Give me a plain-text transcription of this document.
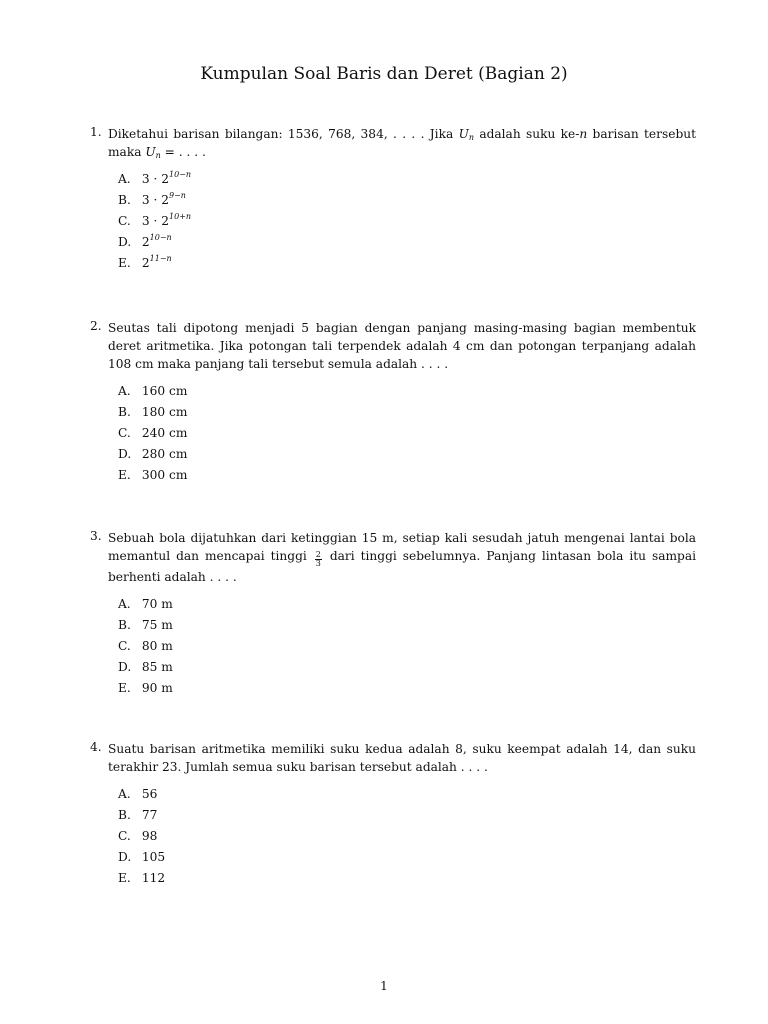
Kumpulan Soal Baris dan Deret (Bagian 2)
1. Diketahui barisan bilangan: 1536, 768, 384, . . . . Jika $U_n$ adalah suku ke-n barisan tersebut maka $U_n$ = . . . .
A. $3 \cdot 2^{10-n}$
B. $3 \cdot 2^{9-n}$
C. $3 \cdot 2^{10+n}$
D. $2^{10-n}$
E. $2^{11-n}$
2. Seutas tali dipotong menjadi 5 bagian dengan panjang masing-masing bagian membentuk deret aritmetika. Jika potongan tali terpendek adalah 4 cm dan potongan terpanjang adalah 108 cm maka panjang tali tersebut semula adalah . . . .
A. 160 cm
B. 180 cm
C. 240 cm
D. 280 cm
E. 300 cm
3. Sebuah bola dijatuhkan dari ketinggian 15 m, setiap kali sesudah jatuh mengenai lantai bola memantul dan mencapai tinggi $\frac{2}{3}$ dari tinggi sebelumnya. Panjang lintasan bola itu sampai berhenti adalah . . . .
A. 70 m
B. 75 m
C. 80 m
D. 85 m
E. 90 m
4. Suatu barisan aritmetika memiliki suku kedua adalah 8, suku keempat adalah 14, dan suku terakhir 23. Jumlah semua suku barisan tersebut adalah . . . .
A. 56
B. 77
C. 98
D. 105
E. 112
1
